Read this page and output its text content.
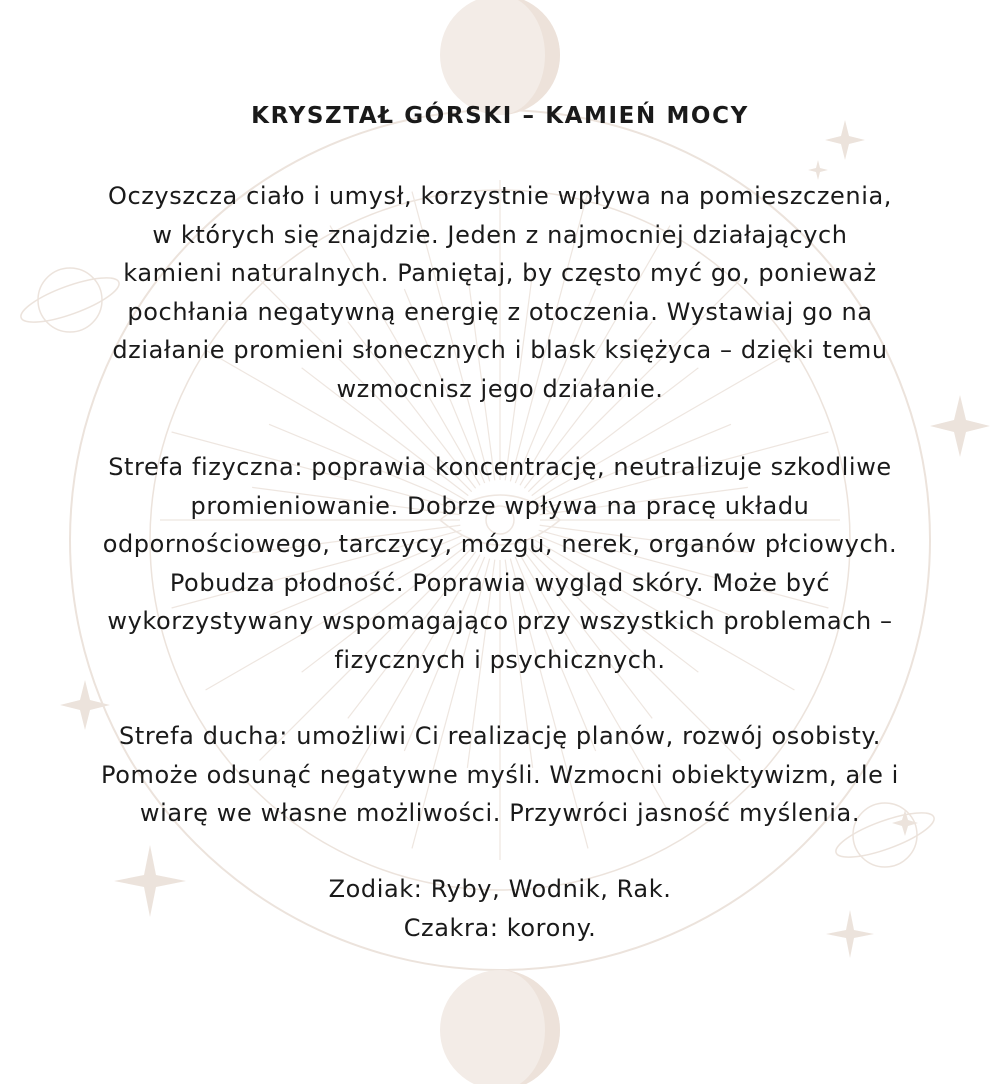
KRYSZTAŁ GÓRSKI – KAMIEŃ MOCY

Oczyszcza ciało i umysł, korzystnie wpływa na pomieszczenia,
w których się znajdzie. Jeden z najmocniej działających
kamieni naturalnych. Pamiętaj, by często myć go, ponieważ
pochłania negatywną energię z otoczenia. Wystawiaj go na
działanie promieni słonecznych i blask księżyca – dzięki temu
wzmocnisz jego działanie.

Strefa fizyczna: poprawia koncentrację, neutralizuje szkodliwe
promieniowanie. Dobrze wpływa na pracę układu
odpornościowego, tarczycy, mózgu, nerek, organów płciowych.
Pobudza płodność. Poprawia wygląd skóry. Może być
wykorzystywany wspomagająco przy wszystkich problemach –
fizycznych i psychicznych.

Strefa ducha: umożliwi Ci realizację planów, rozwój osobisty.
Pomoże odsunąć negatywne myśli. Wzmocni obiektywizm, ale i
wiarę we własne możliwości. Przywróci jasność myślenia.

Zodiak: Ryby, Wodnik, Rak.
Czakra: korony.
